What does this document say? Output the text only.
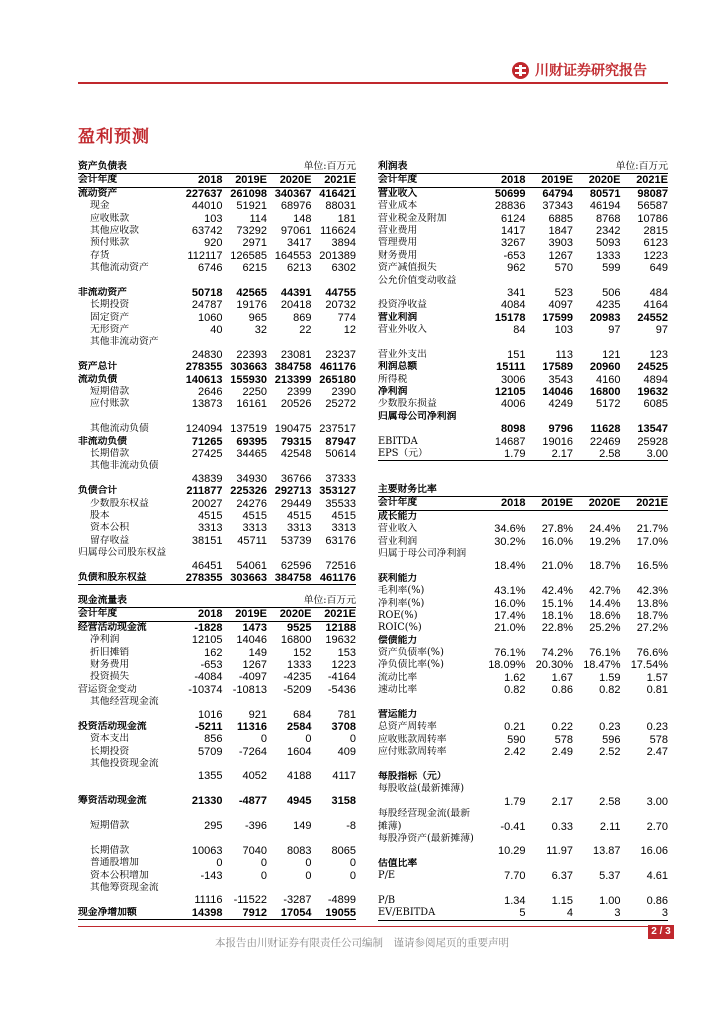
川财证券研究报告
盈利预测
资产负债表	单位:百万元
会计年度	2018	2019E	2020E	2021E
流动资产	227637 261098 340367 416421
现金	44010	51921	68976	88031
应收账款	103	114	148	181
其他应收款	63742	73292	97061 116624
预付账款	920	2971	3417	3894
存货	112117 126585 164553 201389
其他流动资产	6746	6215	6213	6302
非流动资产	50718	42565	44391	44755
长期投资	24787	19176	20418	20732
固定资产	1060	965	869	774
无形资产	40	32	22	12
其他非流动资产
24830	22393	23081	23237
资产总计	278355 303663 384758 461176
流动负债	140613 155930 213399 265180
短期借款	2646	2250	2399	2390
应付账款	13873	16161	20526	25272
其他流动负债	124094 137519 190475 237517
非流动负债	71265	69395	79315	87947
长期借款	27425	34465	42548	50614
其他非流动负债
43839	34930	36766	37333
负债合计	211877 225326 292713 353127
少数股东权益	20027	24276	29449	35533
股本	4515	4515	4515	4515
资本公积	3313	3313	3313	3313
留存收益	38151	45711	53739	63176
归属母公司股东权益
46451	54061	62596	72516
负债和股东权益	278355 303663 384758 461176
现金流量表	单位:百万元
会计年度	2018	2019E	2020E	2021E
经营活动现金流	-1828	1473	9525	12188
净利润	12105	14046	16800	19632
折旧摊销	162	149	152	153
财务费用	-653	1267	1333	1223
投资损失	-4084	-4097	-4235	-4164
营运资金变动	-10374 -10813	-5209	-5436
其他经营现金流
1016	921	684	781
投资活动现金流	-5211	11316	2584	3708
资本支出	856	0	0	0
长期投资	5709	-7264	1604	409
其他投资现金流
1355	4052	4188	4117
筹资活动现金流	21330	-4877	4945	3158
短期借款	295	-396	149	-8
长期借款	10063	7040	8083	8065
普通股增加	0	0	0	0
资本公积增加	-143	0	0	0
其他筹资现金流
11116	-11522	-3287	-4899
现金净增加额	14398	7912	17054	19055
利润表	单位:百万元
会计年度	2018	2019E	2020E	2021E
营业收入	50699	64794	80571	98087
营业成本	28836	37343	46194	56587
营业税金及附加	6124	6885	8768	10786
营业费用	1417	1847	2342	2815
管理费用	3267	3903	5093	6123
财务费用	-653	1267	1333	1223
资产减值损失	962	570	599	649
公允价值变动收益
341	523	506	484
投资净收益	4084	4097	4235	4164
营业利润	15178	17599	20983	24552
营业外收入	84	103	97	97
营业外支出	151	113	121	123
利润总额	15111	17589	20960	24525
所得税	3006	3543	4160	4894
净利润	12105	14046	16800	19632
少数股东损益	4006	4249	5172	6085
归属母公司净利润
8098	9796	11628	13547
EBITDA	14687	19016	22469	25928
EPS（元）	1.79	2.17	2.58	3.00
主要财务比率
会计年度	2018	2019E	2020E	2021E
成长能力
营业收入	34.6%	27.8%	24.4%	21.7%
营业利润	30.2%	16.0%	19.2%	17.0%
归属于母公司净利润
18.4%	21.0%	18.7%	16.5%
获利能力
毛利率(%)	43.1%	42.4%	42.7%	42.3%
净利率(%)	16.0%	15.1%	14.4%	13.8%
ROE(%)	17.4%	18.1%	18.6%	18.7%
ROIC(%)	21.0%	22.8%	25.2%	27.2%
偿债能力
资产负债率(%)	76.1%	74.2%	76.1%	76.6%
净负债比率(%)	18.09% 20.30% 18.47% 17.54%
流动比率	1.62	1.67	1.59	1.57
速动比率	0.82	0.86	0.82	0.81
营运能力
总资产周转率	0.21	0.22	0.23	0.23
应收账款周转率	590	578	596	578
应付账款周转率	2.42	2.49	2.52	2.47
每股指标（元）
每股收益(最新摊薄)
1.79	2.17	2.58	3.00
每股经营现金流(最新摊薄)	-0.41	0.33	2.11	2.70
每股净资产(最新摊薄)
10.29	11.97	13.87	16.06
估值比率
P/E	7.70	6.37	5.37	4.61
P/B	1.34	1.15	1.00	0.86
EV/EBITDA	5	4	3	3
2 / 3
本报告由川财证券有限责任公司编制　谨请参阅尾页的重要声明
